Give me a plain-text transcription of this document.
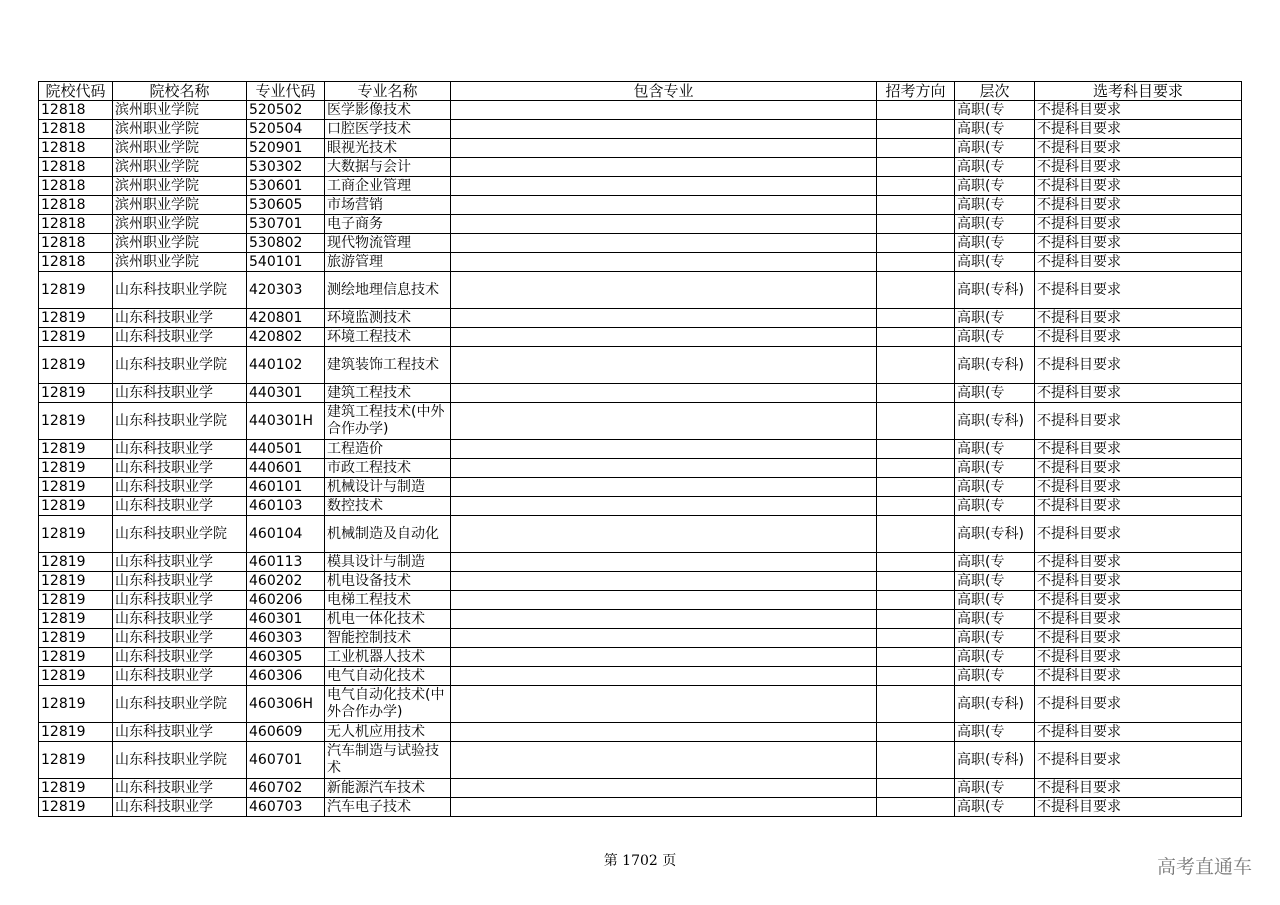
院校代码	院校名称	专业代码	专业名称	包含专业	招考方向	层次	选考科目要求
12818	滨州职业学院	520502	医学影像技术			高职(专	不提科目要求
12818	滨州职业学院	520504	口腔医学技术			高职(专	不提科目要求
12818	滨州职业学院	520901	眼视光技术			高职(专	不提科目要求
12818	滨州职业学院	530302	大数据与会计			高职(专	不提科目要求
12818	滨州职业学院	530601	工商企业管理			高职(专	不提科目要求
12818	滨州职业学院	530605	市场营销			高职(专	不提科目要求
12818	滨州职业学院	530701	电子商务			高职(专	不提科目要求
12818	滨州职业学院	530802	现代物流管理			高职(专	不提科目要求
12818	滨州职业学院	540101	旅游管理			高职(专	不提科目要求
12819	山东科技职业学院	420303	测绘地理信息技术			高职(专科)	不提科目要求
12819	山东科技职业学	420801	环境监测技术			高职(专	不提科目要求
12819	山东科技职业学	420802	环境工程技术			高职(专	不提科目要求
12819	山东科技职业学院	440102	建筑装饰工程技术			高职(专科)	不提科目要求
12819	山东科技职业学	440301	建筑工程技术			高职(专	不提科目要求
12819	山东科技职业学院	440301H	建筑工程技术(中外合作办学)			高职(专科)	不提科目要求
12819	山东科技职业学	440501	工程造价			高职(专	不提科目要求
12819	山东科技职业学	440601	市政工程技术			高职(专	不提科目要求
12819	山东科技职业学	460101	机械设计与制造			高职(专	不提科目要求
12819	山东科技职业学	460103	数控技术			高职(专	不提科目要求
12819	山东科技职业学院	460104	机械制造及自动化			高职(专科)	不提科目要求
12819	山东科技职业学	460113	模具设计与制造			高职(专	不提科目要求
12819	山东科技职业学	460202	机电设备技术			高职(专	不提科目要求
12819	山东科技职业学	460206	电梯工程技术			高职(专	不提科目要求
12819	山东科技职业学	460301	机电一体化技术			高职(专	不提科目要求
12819	山东科技职业学	460303	智能控制技术			高职(专	不提科目要求
12819	山东科技职业学	460305	工业机器人技术			高职(专	不提科目要求
12819	山东科技职业学	460306	电气自动化技术			高职(专	不提科目要求
12819	山东科技职业学院	460306H	电气自动化技术(中外合作办学)			高职(专科)	不提科目要求
12819	山东科技职业学	460609	无人机应用技术			高职(专	不提科目要求
12819	山东科技职业学院	460701	汽车制造与试验技术			高职(专科)	不提科目要求
12819	山东科技职业学	460702	新能源汽车技术			高职(专	不提科目要求
12819	山东科技职业学	460703	汽车电子技术			高职(专	不提科目要求
第 1702 页	高考直通车
